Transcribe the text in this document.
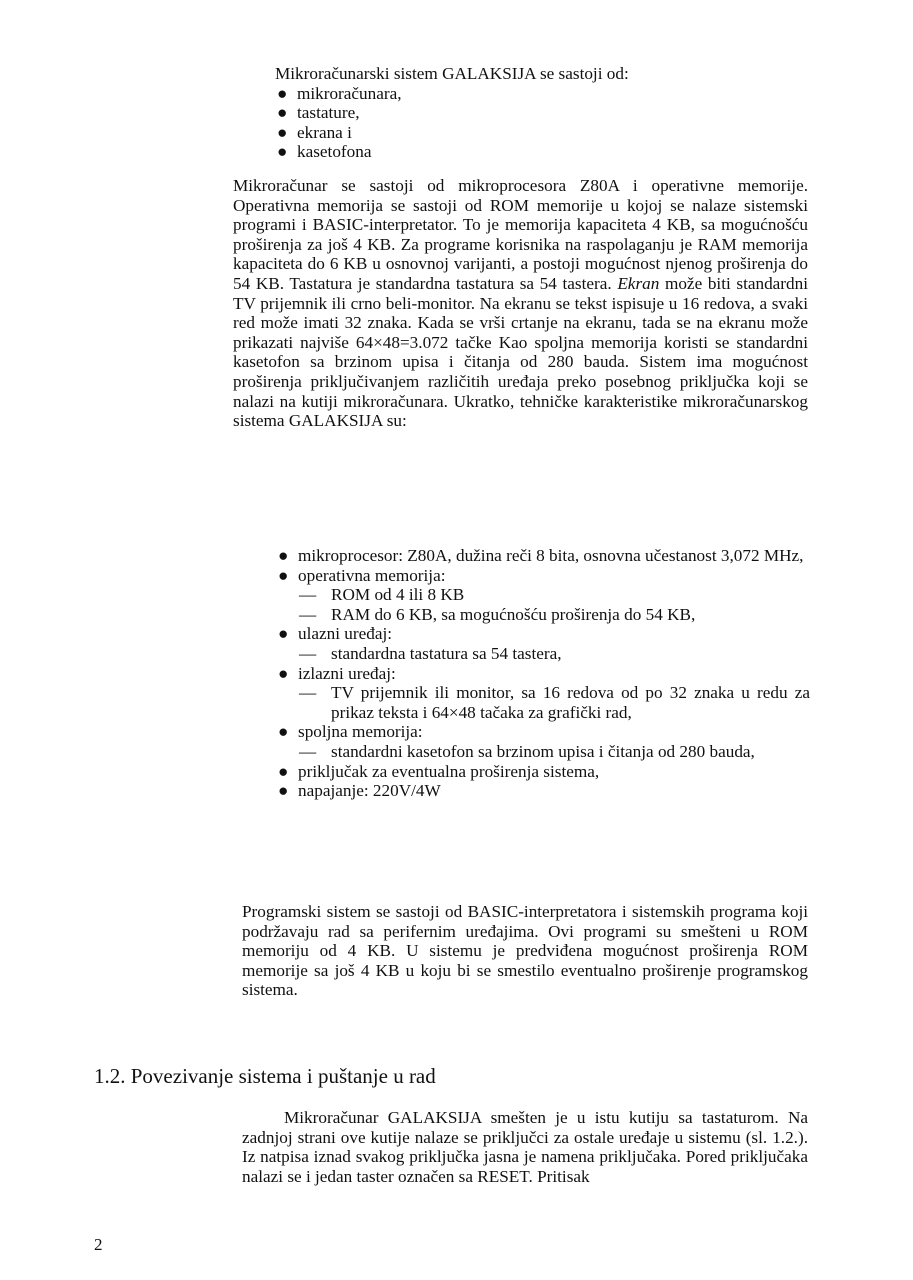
Mikroračunarski sistem GALAKSIJA se sastoji od:
● mikroračunara,
● tastature,
● ekrana i
● kasetofona

Mikroračunar se sastoji od mikroprocesora Z80A i operativne memorije. Operativna memorija se sastoji od ROM memorije u kojoj se nalaze sistemski programi i BASIC-interpretator. To je memorija kapaciteta 4 KB, sa mogućnošću proširenja za još 4 KB. Za programe korisnika na raspolaganju je RAM memorija kapaciteta do 6 KB u osnovnoj varijanti, a postoji mogućnost njenog proširenja do 54 KB. Tastatura je standardna tastatura sa 54 tastera. Ekran može biti standardni TV prijemnik ili crno beli-monitor. Na ekranu se tekst ispisuje u 16 redova, a svaki red može imati 32 znaka. Kada se vrši crtanje na ekranu, tada se na ekranu može prikazati najviše 64×48=3.072 tačke Kao spoljna memorija koristi se standardni kasetofon sa brzinom upisa i čitanja od 280 bauda. Sistem ima mogućnost proširenja priključivanjem različitih uređaja preko posebnog priključka koji se nalazi na kutiji mikroračunara. Ukratko, tehničke karakteristike mikroračunarskog sistema GALAKSIJA su:

● mikroprocesor: Z80A, dužina reči 8 bita, osnovna učestanost 3,072 MHz,

● operativna memorija:

— ROM od 4 ili 8 KB

— RAM do 6 KB, sa mogućnošću proširenja do 54 KB,

● ulazni uređaj:

— standardna tastatura sa 54 tastera,

● izlazni uređaj:

— TV prijemnik ili monitor, sa 16 redova od po 32 znaka u redu za prikaz teksta i 64×48 tačaka za grafički rad,

● spoljna memorija:

— standardni kasetofon sa brzinom upisa i čitanja od 280 bauda,

● priključak za eventualna proširenja sistema,

● napajanje: 220V/4W

Programski sistem se sastoji od BASIC-interpretatora i sistemskih programa koji podržavaju rad sa perifernim uređajima. Ovi programi su smešteni u ROM memoriju od 4 KB. U sistemu je predviđena mogućnost proširenja ROM memorije sa još 4 KB u koju bi se smestilo eventualno proširenje programskog sistema.

1.2. Povezivanje sistema i puštanje u rad

Mikroračunar GALAKSIJA smešten je u istu kutiju sa tastaturom. Na zadnjoj strani ove kutije nalaze se priključci za ostale uređaje u sistemu (sl. 1.2.). Iz natpisa iznad svakog priključka jasna je namena priključaka. Pored priključaka nalazi se i jedan taster označen sa RESET. Pritisak

2
